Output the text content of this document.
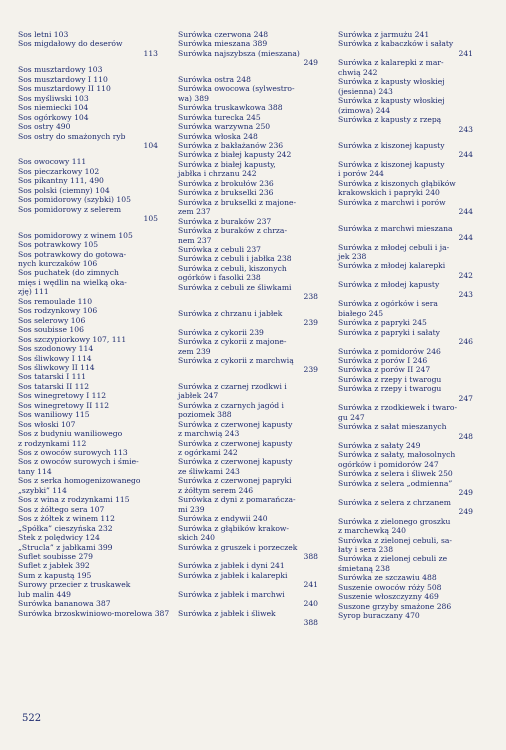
Sos letni 103
Sos migdałowy do deserów
113
Sos musztardowy 103
Sos musztardowy I 110
Sos musztardowy II 110
Sos myśliwski 103
Sos niemiecki 104
Sos ogórkowy 104
Sos ostry 490
Sos ostry do smażonych ryb
104
Sos owocowy 111
Sos pieczarkowy 102
Sos pikantny 111, 490
Sos polski (ciemny) 104
Sos pomidorowy (szybki) 105
Sos pomidorowy z selerem
105
Sos pomidorowy z winem 105
Sos potrawkowy 105
Sos potrawkowy do gotowa-
nych kurczaków 106
Sos puchatek (do zimnych
mięs i wędlin na wielką oka-
zję) 111
Sos remoulade 110
Sos rodzynkowy 106
Sos selerowy 106
Sos soubisse 106
Sos szczypiorkowy 107, 111
Sos szodonowy 114
Sos śliwkowy I 114
Sos śliwkowy II 114
Sos tatarski I 111
Sos tatarski II 112
Sos winegretowy I 112
Sos winegretowy II 112
Sos waniliowy 115
Sos włoski 107
Sos z budyniu waniliowego
z rodzynkami 112
Sos z owoców surowych 113
Sos z owoców surowych i śmie-
tany 114
Sos z serka homogenizowanego
„szybki” 114
Sos z wina z rodzynkami 115
Sos z żółtego sera 107
Sos z żółtek z winem 112
„Spółka” cieszyńska 232
Stek z polędwicy 124
„Strucla” z jabłkami 399
Suflet soubisse 279
Suflet z jabłek 392
Sum z kapustą 195
Surowy przecier z truskawek
lub malin 449
Surówka bananowa 387
Surówka brzoskwiniowo-morelowa 387
Surówka czerwona 248
Surówka mieszana 389
Surówka najszybsza (mieszana)
249
Surówka ostra 248
Surówka owocowa (sylwestro-
wa) 389
Surówka truskawkowa 388
Surówka turecka 245
Surówka warzywna 250
Surówka włoska 248
Surówka z bakłażanów 236
Surówka z białej kapusty 242
Surówka z białej kapusty,
jabłka i chrzanu 242
Surówka z brokułów 236
Surówka z brukselki 236
Surówka z brukselki z majone-
zem 237
Surówka z buraków 237
Surówka z buraków z chrza-
nem 237
Surówka z cebuli 237
Surówka z cebuli i jabłka 238
Surówka z cebuli, kiszonych
ogórków i fasolki 238
Surówka z cebuli ze śliwkami
238
Surówka z chrzanu i jabłek
239
Surówka z cykorii 239
Surówka z cykorii z majone-
zem 239
Surówka z cykorii z marchwią
239
Surówka z czarnej rzodkwi i
jabłek 247
Surówka z czarnych jagód i
poziomek 388
Surówka z czerwonej kapusty
z marchwią 243
Surówka z czerwonej kapusty
z ogórkami 242
Surówka z czerwonej kapusty
ze śliwkami 243
Surówka z czerwonej papryki
z żółtym serem 246
Surówka z dyni z pomarańcza-
mi 239
Surówka z endywii 240
Surówka z głąbików krakow-
skich 240
Surówka z gruszek i porzeczek
388
Surówka z jabłek i dyni 241
Surówka z jabłek i kalarepki
241
Surówka z jabłek i marchwi
240
Surówka z jabłek i śliwek
388
Surówka z jarmużu 241
Surówka z kabaczków i sałaty
241
Surówka z kalarepki z mar-
chwią 242
Surówka z kapusty włoskiej
(jesienna) 243
Surówka z kapusty włoskiej
(zimowa) 244
Surówka z kapusty z rzepą
243
Surówka z kiszonej kapusty
244
Surówka z kiszonej kapusty
i porów 244
Surówka z kiszonych głąbików
krakowskich i papryki 240
Surówka z marchwi i porów
244
Surówka z marchwi mieszana
244
Surówka z młodej cebuli i ja-
jek 238
Surówka z młodej kalarepki
242
Surówka z młodej kapusty
243
Surówka z ogórków i sera
białego 245
Surówka z papryki 245
Surówka z papryki i sałaty
246
Surówka z pomidorów 246
Surówka z porów I 246
Surówka z porów II 247
Surówka z rzepy i twarogu
Surówka z rzepy i twarogu
247
Surówka z rzodkiewek i twaro-
gu 247
Surówka z sałat mieszanych
248
Surówka z sałaty 249
Surówka z sałaty, małosolnych
ogórków i pomidorów 247
Surówka z selera i śliwek 250
Surówka z selera „odmienna”
249
Surówka z selera z chrzanem
249
Surówka z zielonego groszku
z marchewką 240
Surówka z zielonej cebuli, sa-
łaty i sera 238
Surówka z zielonej cebuli ze
śmietaną 238
Surówka ze szczawiu 488
Suszenie owoców róży 508
Suszenie włoszczyzny 469
Suszone grzyby smażone 286
Syrop buraczany 470
522
